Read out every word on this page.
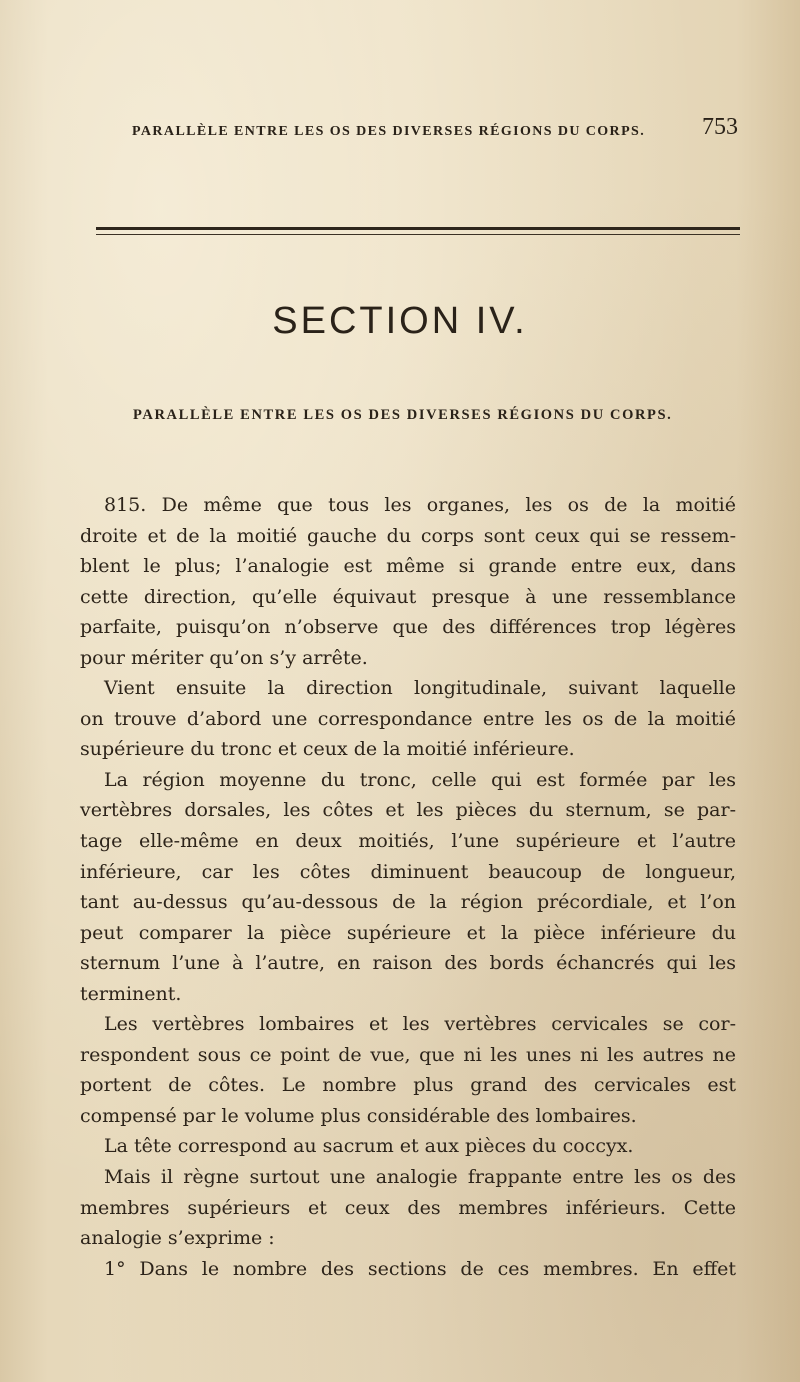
PARALLÈLE ENTRE LES OS DES DIVERSES RÉGIONS DU CORPS. 753
SECTION IV.
PARALLÈLE ENTRE LES OS DES DIVERSES RÉGIONS DU CORPS.
815. De même que tous les organes, les os de la moitié
droite et de la moitié gauche du corps sont ceux qui se ressem-
blent le plus; l’analogie est même si grande entre eux, dans
cette direction, qu’elle équivaut presque à une ressemblance
parfaite, puisqu’on n’observe que des différences trop légères
pour mériter qu’on s’y arrête.
Vient ensuite la direction longitudinale, suivant laquelle
on trouve d’abord une correspondance entre les os de la moitié
supérieure du tronc et ceux de la moitié inférieure.
La région moyenne du tronc, celle qui est formée par les
vertèbres dorsales, les côtes et les pièces du sternum, se par-
tage elle-même en deux moitiés, l’une supérieure et l’autre
inférieure, car les côtes diminuent beaucoup de longueur,
tant au-dessus qu’au-dessous de la région précordiale, et l’on
peut comparer la pièce supérieure et la pièce inférieure du
sternum l’une à l’autre, en raison des bords échancrés qui les
terminent.
Les vertèbres lombaires et les vertèbres cervicales se cor-
respondent sous ce point de vue, que ni les unes ni les autres ne
portent de côtes. Le nombre plus grand des cervicales est
compensé par le volume plus considérable des lombaires.
La tête correspond au sacrum et aux pièces du coccyx.
Mais il règne surtout une analogie frappante entre les os des
membres supérieurs et ceux des membres inférieurs. Cette
analogie s’exprime :
1° Dans le nombre des sections de ces membres. En effet
